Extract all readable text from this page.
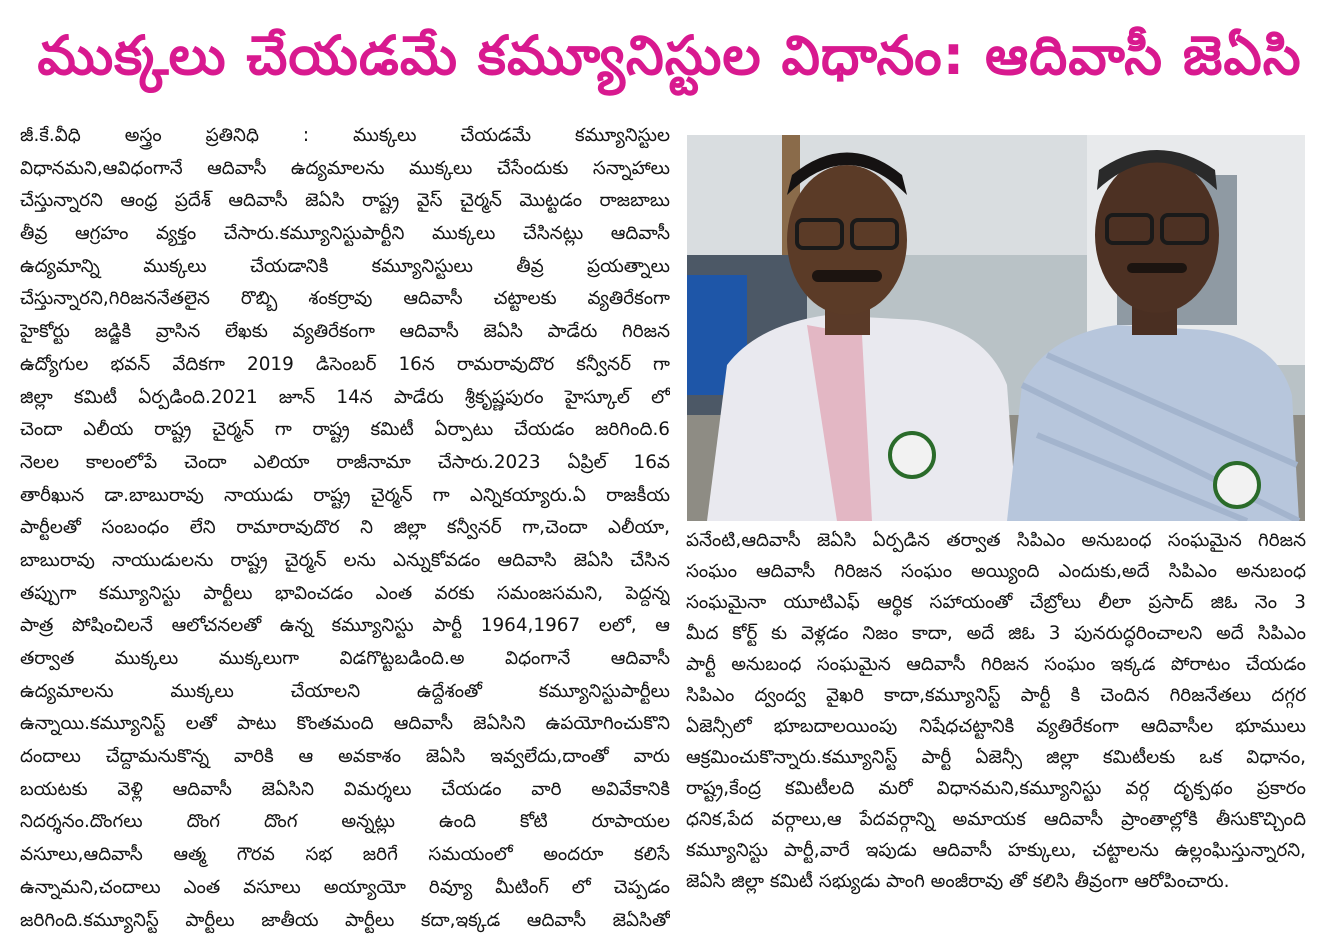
ముక్కలు చేయడమే కమ్యూనిస్టుల విధానం: ఆదివాసీ జెఏసి

జీ.కే.వీధి అస్త్రం ప్రతినిధి : ముక్కలు చేయడమే కమ్యూనిస్టుల

విధానమని,ఆవిధంగానే ఆదివాసీ ఉద్యమాలను ముక్కలు చేసేందుకు సన్నాహాలు

చేస్తున్నారని ఆంధ్ర ప్రదేశ్ ఆదివాసీ జెఏసి రాష్ట్ర వైస్ చైర్మన్ మొట్టడం రాజబాబు

తీవ్ర ఆగ్రహం వ్యక్తం చేసారు.కమ్యూనిస్టుపార్టీని ముక్కలు చేసినట్లు ఆదివాసీ

ఉద్యమాన్ని ముక్కలు చేయడానికి కమ్యూనిస్టులు తీవ్ర ప్రయత్నాలు

చేస్తున్నారని,గిరిజననేతలైన రొబ్బి శంకర్రావు ఆదివాసీ చట్టాలకు వ్యతిరేకంగా

హైకోర్టు జడ్జికి వ్రాసిన లేఖకు వ్యతిరేకంగా ఆదివాసీ జెఏసి పాడేరు గిరిజన

ఉద్యోగుల భవన్ వేదికగా 2019 డిసెంబర్ 16న రామరావుదొర కన్వీనర్ గా

జిల్లా కమిటీ ఏర్పడింది.2021 జూన్ 14న పాడేరు శ్రీకృష్ణపురం హైస్కూల్ లో

చెందా ఎలీయ రాష్ట్ర చైర్మన్ గా రాష్ట్ర కమిటీ ఏర్పాటు చేయడం జరిగింది.6

నెలల కాలంలోపే చెందా ఎలియా రాజీనామా చేసారు.2023 ఏప్రిల్ 16వ

తారీఖున డా.బాబురావు నాయుడు రాష్ట్ర చైర్మన్ గా ఎన్నికయ్యారు.ఏ రాజకీయ

పార్టీలతో సంబంధం లేని రామారావుదొర ని జిల్లా కన్వీనర్ గా,చెందా ఎలీయా,

బాబురావు నాయుడులను రాష్ట్ర చైర్మన్ లను ఎన్నుకోవడం ఆదివాసి జెఏసి చేసిన

తప్పుగా కమ్యూనిస్టు పార్టీలు భావించడం ఎంత వరకు సమంజసమని, పెద్దన్న

పాత్ర పోషించిలనే ఆలోచనలతో ఉన్న కమ్యూనిస్టు పార్టీ 1964,1967 లలో, ఆ

తర్వాత ముక్కలు ముక్కలుగా విడగొట్టబడింది.అ విధంగానే ఆదివాసీ

ఉద్యమాలను ముక్కలు చేయాలని ఉద్దేశంతో కమ్యూనిస్టుపార్టీలు

ఉన్నాయి.కమ్యూనిస్ట్ లతో పాటు కొంతమంది ఆదివాసీ జెఏసిని ఉపయోగించుకొని

దందాలు చేద్దామనుకొన్న వారికి ఆ అవకాశం జెఏసి ఇవ్వలేదు,దాంతో వారు

బయటకు వెళ్లి ఆదివాసీ జెఏసిని విమర్శలు చేయడం వారి అవివేకానికి

నిదర్శనం.దొంగలు దొంగ దొంగ అన్నట్లు ఉంది కోటి రూపాయల

వసూలు,ఆదివాసీ ఆత్మ గౌరవ సభ జరిగే సమయంలో అందరూ కలిసే

ఉన్నామని,చందాలు ఎంత వసూలు అయ్యాయో రివ్యూ మీటింగ్ లో చెప్పడం

జరిగింది.కమ్యూనిస్ట్ పార్టీలు జాతీయ పార్టీలు కదా,ఇక్కడ ఆదివాసీ జెఏసితో

పనేంటి,ఆదివాసీ జెఏసి ఏర్పడిన తర్వాత సిపిఎం అనుబంధ సంఘమైన గిరిజన

సంఘం ఆదివాసీ గిరిజన సంఘం అయ్యింది ఎందుకు,అదే సిపిఎం అనుబంధ

సంఘమైనా యూటిఎఫ్ ఆర్థిక సహాయంతో చేబ్రోలు లీలా ప్రసాద్ జిఓ నెం 3

మీద కోర్ట్ కు వెళ్లడం నిజం కాదా, అదే జిఓ 3 పునరుద్ధరించాలని అదే సిపిఎం

పార్టీ అనుబంధ సంఘమైన ఆదివాసీ గిరిజన సంఘం ఇక్కడ పోరాటం చేయడం

సిపిఎం ద్వంద్వ వైఖరి కాదా,కమ్యూనిస్ట్ పార్టీ కి చెందిన గిరిజనేతలు దగ్గర

ఏజెన్సీలో భూబదాలయింపు నిషేధచట్టానికి వ్యతిరేకంగా ఆదివాసీల భూములు

ఆక్రమించుకొన్నారు.కమ్యూనిస్ట్ పార్టీ ఏజెన్సీ జిల్లా కమిటీలకు ఒక విధానం,

రాష్ట్ర,కేంద్ర కమిటీలది మరో విధానమని,కమ్యూనిస్టు వర్గ దృక్పథం ప్రకారం

ధనిక,పేద వర్గాలు,ఆ పేదవర్గాన్ని అమాయక ఆదివాసీ ప్రాంతాల్లోకి తీసుకొచ్చింది

కమ్యూనిస్టు పార్టీ,వారే ఇపుడు ఆదివాసీ హక్కులు, చట్టాలను ఉల్లంఘిస్తున్నారని,

జెఏసి జిల్లా కమిటీ సభ్యుడు పాంగి అంజీరావు తో కలిసి తీవ్రంగా ఆరోపించారు.
